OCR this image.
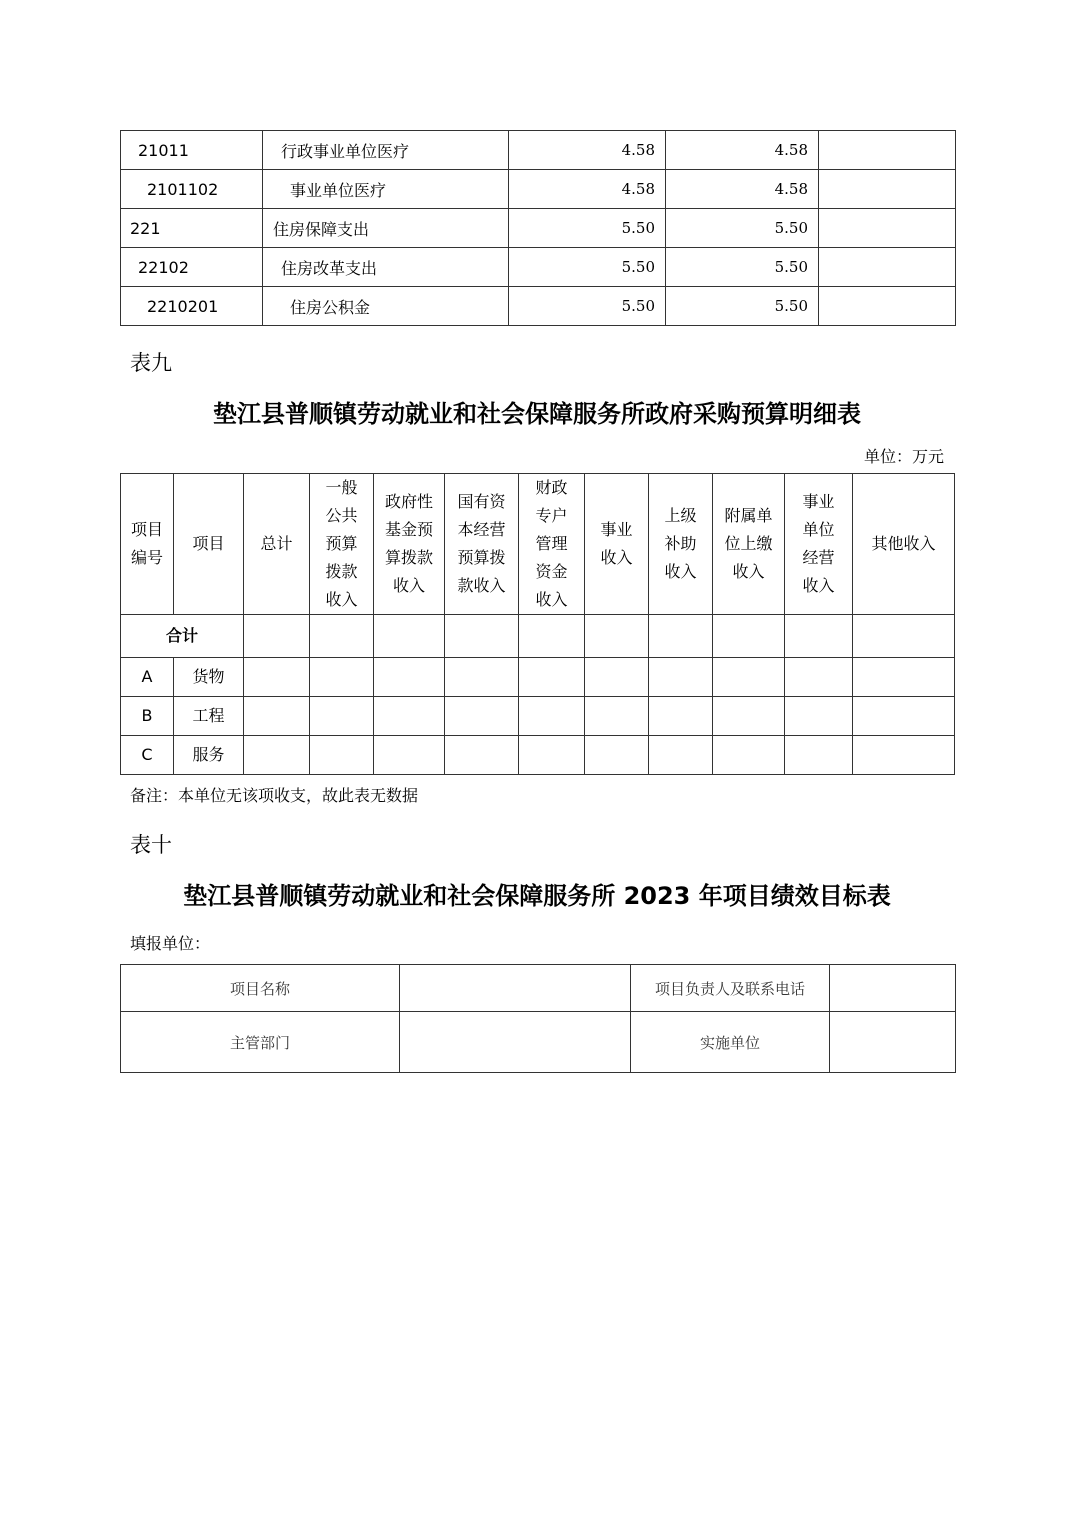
21011	行政事业单位医疗	4.58	4.58	
2101102	事业单位医疗	4.58	4.58	
221	住房保障支出	5.50	5.50	
22102	住房改革支出	5.50	5.50	
2210201	住房公积金	5.50	5.50	
表九
垫江县普顺镇劳动就业和社会保障服务所政府采购预算明细表
单位：万元
项目编号	项目	总计	一般公共预算拨款收入	政府性基金预算拨款收入	国有资本经营预算拨款收入	财政专户管理资金收入	事业收入	上级补助收入	附属单位上缴收入	事业单位经营收入	其他收入
合计											
A	货物										
B	工程										
C	服务										
备注：本单位无该项收支，故此表无数据
表十
垫江县普顺镇劳动就业和社会保障服务所 2023 年项目绩效目标表
填报单位：
项目名称		项目负责人及联系电话	
主管部门		实施单位	
